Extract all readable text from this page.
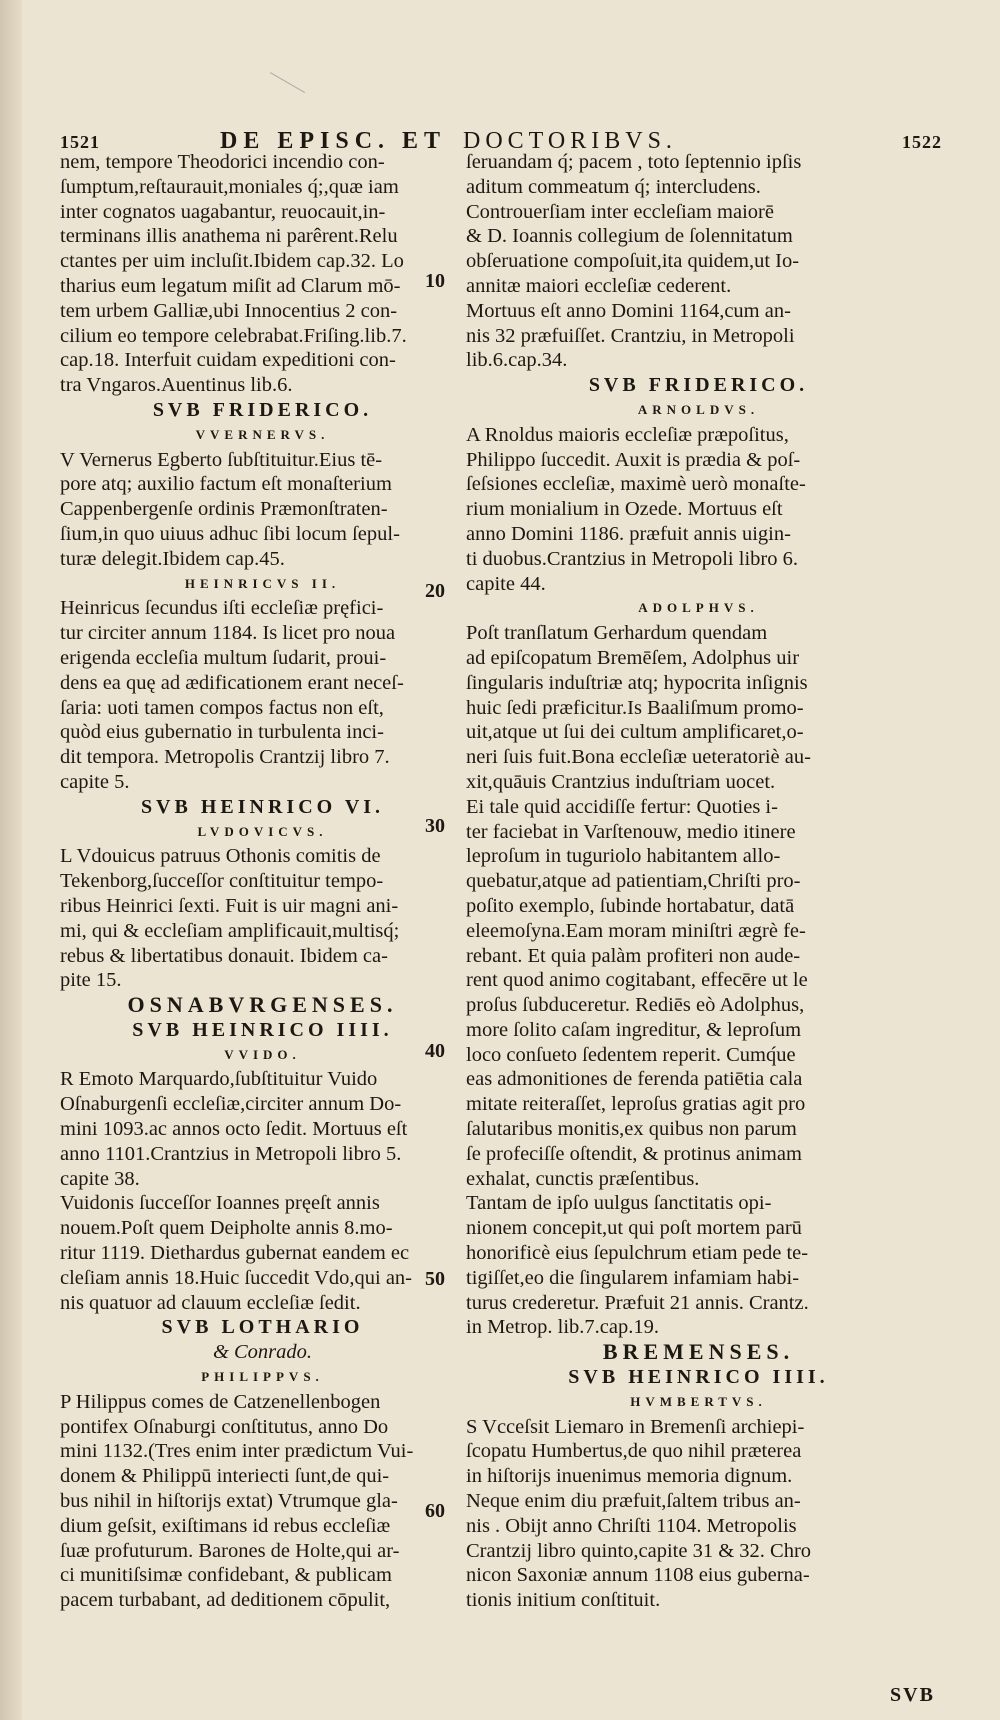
1521	DE EPISC. ET DOCTORIBVS.	1522
nem, tempore Theodorici incendio con-
ſumptum,reſtaurauit,moniales q́;,quæ iam
inter cognatos uagabantur, reuocauit,in-
terminans illis anathema ni parêrent.Relu
ctantes per uim incluſit.Ibidem cap.32. Lo
tharius eum legatum miſit ad Clarum mō-
tem urbem Galliæ,ubi Innocentius 2 con-
cilium eo tempore celebrabat.Friſing.lib.7.
cap.18. Interfuit cuidam expeditioni con-
tra Vngaros.Auentinus lib.6.
SVB FRIDERICO.
VVERNERVS.
V Vernerus Egberto ſubſtituitur.Eius tē-
pore atq; auxilio factum eſt monaſterium
Cappenbergenſe ordinis Præmonſtraten-
ſium,in quo uiuus adhuc ſibi locum ſepul-
turæ delegit.Ibidem cap.45.
HEINRICVS II.
Heinricus ſecundus iſti eccleſiæ pręfici-
tur circiter annum 1184. Is licet pro noua
erigenda eccleſia multum ſudarit, proui-
dens ea quę ad ædificationem erant neceſ-
ſaria: uoti tamen compos factus non eſt,
quòd eius gubernatio in turbulenta inci-
dit tempora. Metropolis Crantzij libro 7.
capite 5.
SVB HEINRICO VI.
LVDOVICVS.
L Vdouicus patruus Othonis comitis de
Tekenborg,ſucceſſor conſtituitur tempo-
ribus Heinrici ſexti. Fuit is uir magni ani-
mi, qui & eccleſiam amplificauit,multisq́;
rebus & libertatibus donauit. Ibidem ca-
pite 15.
OSNABVRGENSES.
SVB HEINRICO IIII.
VVIDO.
R Emoto Marquardo,ſubſtituitur Vuido
Oſnaburgenſi eccleſiæ,circiter annum Do-
mini 1093.ac annos octo ſedit. Mortuus eſt
anno 1101.Crantzius in Metropoli libro 5.
capite 38.
Vuidonis ſucceſſor Ioannes pręeſt annis
nouem.Poſt quem Deipholte annis 8.mo-
ritur 1119. Diethardus gubernat eandem ec
cleſiam annis 18.Huic ſuccedit Vdo,qui an-
nis quatuor ad clauum eccleſiæ ſedit.
SVB LOTHARIO
& Conrado.
PHILIPPVS.
P Hilippus comes de Catzenellenbogen
pontifex Oſnaburgi conſtitutus, anno Do
mini 1132.(Tres enim inter prædictum Vui-
donem & Philippū interiecti ſunt,de qui-
bus nihil in hiſtorijs extat) Vtrumque gla-
dium geſsit, exiſtimans id rebus eccleſiæ
ſuæ profuturum. Barones de Holte,qui ar-
ci munitiſsimæ confidebant, & publicam
pacem turbabant, ad deditionem cōpulit,
ſeruandam q́; pacem , toto ſeptennio ipſis
aditum commeatum q́; intercludens.
Controuerſiam inter eccleſiam maiorē
& D. Ioannis collegium de ſolennitatum
obſeruatione compoſuit,ita quidem,ut Io-
annitæ maiori eccleſiæ cederent.
Mortuus eſt anno Domini 1164,cum an-
nis 32 præfuiſſet. Crantziu, in Metropoli
lib.6.cap.34.
SVB FRIDERICO.
ARNOLDVS.
A Rnoldus maioris eccleſiæ præpoſitus,
Philippo ſuccedit. Auxit is prædia & poſ-
ſeſsiones eccleſiæ, maximè uerò monaſte-
rium monialium in Ozede. Mortuus eſt
anno Domini 1186. præfuit annis uigin-
ti duobus.Crantzius in Metropoli libro 6.
capite 44.
ADOLPHVS.
Poſt tranſlatum Gerhardum quendam
ad epiſcopatum Bremēſem, Adolphus uir
ſingularis induſtriæ atq; hypocrita inſignis
huic ſedi præficitur.Is Baaliſmum promo-
uit,atque ut ſui dei cultum amplificaret,o-
neri ſuis fuit.Bona eccleſiæ ueteratoriè au-
xit,quāuis Crantzius induſtriam uocet.
Ei tale quid accidiſſe fertur: Quoties i-
ter faciebat in Varſtenouw, medio itinere
leproſum in tuguriolo habitantem allo-
quebatur,atque ad patientiam,Chriſti pro-
poſito exemplo, ſubinde hortabatur, datā
eleemoſyna.Eam moram miniſtri ægrè fe-
rebant. Et quia palàm profiteri non aude-
rent quod animo cogitabant, effecēre ut le
proſus ſubduceretur. Rediēs eò Adolphus,
more ſolito caſam ingreditur, & leproſum
loco conſueto ſedentem reperit. Cumq́ue
eas admonitiones de ferenda patiētia cala
mitate reiteraſſet, leproſus gratias agit pro
ſalutaribus monitis,ex quibus non parum
ſe profeciſſe oſtendit, & protinus animam
exhalat, cunctis præſentibus.
Tantam de ipſo uulgus ſanctitatis opi-
nionem concepit,ut qui poſt mortem parū
honorificè eius ſepulchrum etiam pede te-
tigiſſet,eo die ſingularem infamiam habi-
turus crederetur. Præfuit 21 annis. Crantz.
in Metrop. lib.7.cap.19.
BREMENSES.
SVB HEINRICO IIII.
HVMBERTVS.
S Vcceſsit Liemaro in Bremenſi archiepi-
ſcopatu Humbertus,de quo nihil præterea
in hiſtorijs inuenimus memoria dignum.
Neque enim diu præfuit,ſaltem tribus an-
nis . Obijt anno Chriſti 1104. Metropolis
Crantzij libro quinto,capite 31 & 32. Chro
nicon Saxoniæ annum 1108 eius guberna-
tionis initium conſtituit.
10
20
30
40
50
60
SVB
